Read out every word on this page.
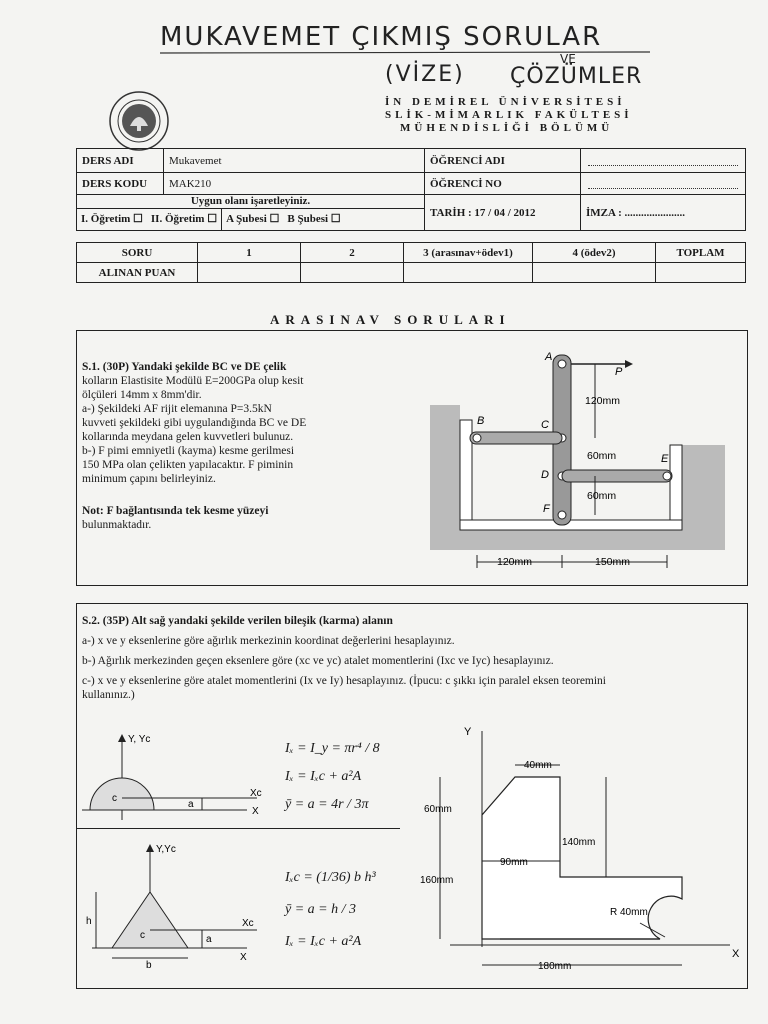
MUKAVEMET ÇIKMIŞ SORULAR
(VİZE)
VE
ÇÖZÜMLER
İN DEMİREL ÜNİVERSİTESİ
SLİK-MİMARLIK FAKÜLTESİ
MÜHENDİSLİĞİ BÖLÜMÜ
DERS ADI	Mukavemet	ÖĞRENCİ ADI	

DERS KODU	MAK210	ÖĞRENCİ NO	

Uygun olanı işaretleyiniz.
I. Öğretim ☐ II. Öğretim ☐ A Şubesi ☐ B Şubesi ☐		TARİH : 17 / 04 / 2012	İMZA : ......................
SORU	1	2	3 (arasınav+ödev1)	4 (ödev2)	TOPLAM
ALINAN PUAN					
ARASINAV SORULARI
S.1. (30P) Yandaki şekilde BC ve DE çelik
kolların Elastisite Modülü E=200GPa olup kesit
ölçüleri 14mm x 8mm'dir.
a-) Şekildeki AF rijit elemanına P=3.5kN
kuvveti şekildeki gibi uygulandığında BC ve DE
kollarında meydana gelen kuvvetleri bulunuz.
b-) F pimi emniyetli (kayma) kesme gerilmesi
150 MPa olan çelikten yapılacaktır. F piminin
minimum çapını belirleyiniz.
Not: F bağlantısında tek kesme yüzeyi
bulunmaktadır.
A
P
B	C
D
E
F
120mm
60mm
60mm
120mm	150mm
S.2. (35P) Alt sağ yandaki şekilde verilen bileşik (karma) alanın
a-) x ve y eksenlerine göre ağırlık merkezinin koordinat değerlerini hesaplayınız.
b-) Ağırlık merkezinden geçen eksenlere göre (xc ve yc) atalet momentlerini (Ixc ve Iyc) hesaplayınız.
c-) x ve y eksenlerine göre atalet momentlerini (Ix ve Iy) hesaplayınız. (İpucu: c şıkkı için paralel eksen teoremini
kullanınız.)
Y, Yc
Xc
X
c
a
Iₓ = I_y = πr⁴ / 8
Iₓ = Iₓc + a²A
ȳ = a = 4r / 3π
Y,Yc
Xc
X
h
b
c	a
Iₓc = (1/36) b h³
ȳ = a = h / 3
Iₓ = Iₓc + a²A
Y
X
40mm
60mm
140mm
90mm
160mm
R 40mm
180mm
